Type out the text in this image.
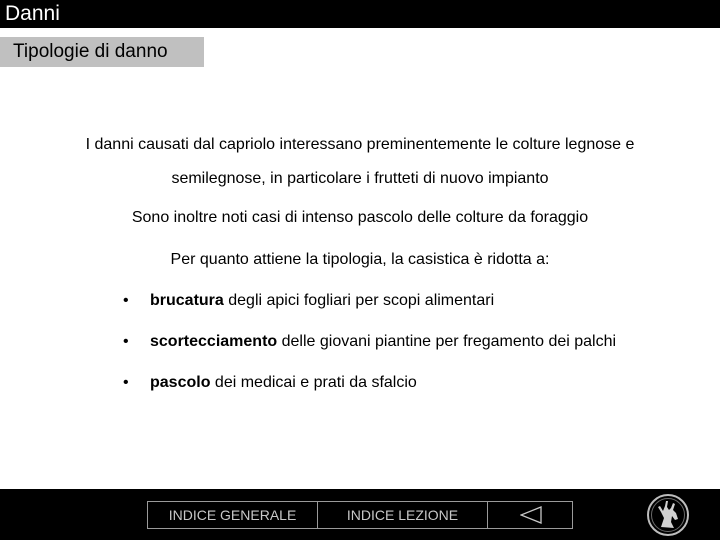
Danni
Tipologie di danno
I danni causati dal capriolo interessano preminentemente le colture legnose e
semilegnose, in particolare i frutteti di nuovo impianto
Sono inoltre noti casi di intenso pascolo delle colture da foraggio
Per quanto attiene la tipologia, la casistica è ridotta a:
•	brucatura degli apici fogliari per scopi alimentari
•	scortecciamento delle giovani piantine per fregamento dei palchi
•	pascolo dei medicai e prati da sfalcio
INDICE GENERALE	INDICE LEZIONE
